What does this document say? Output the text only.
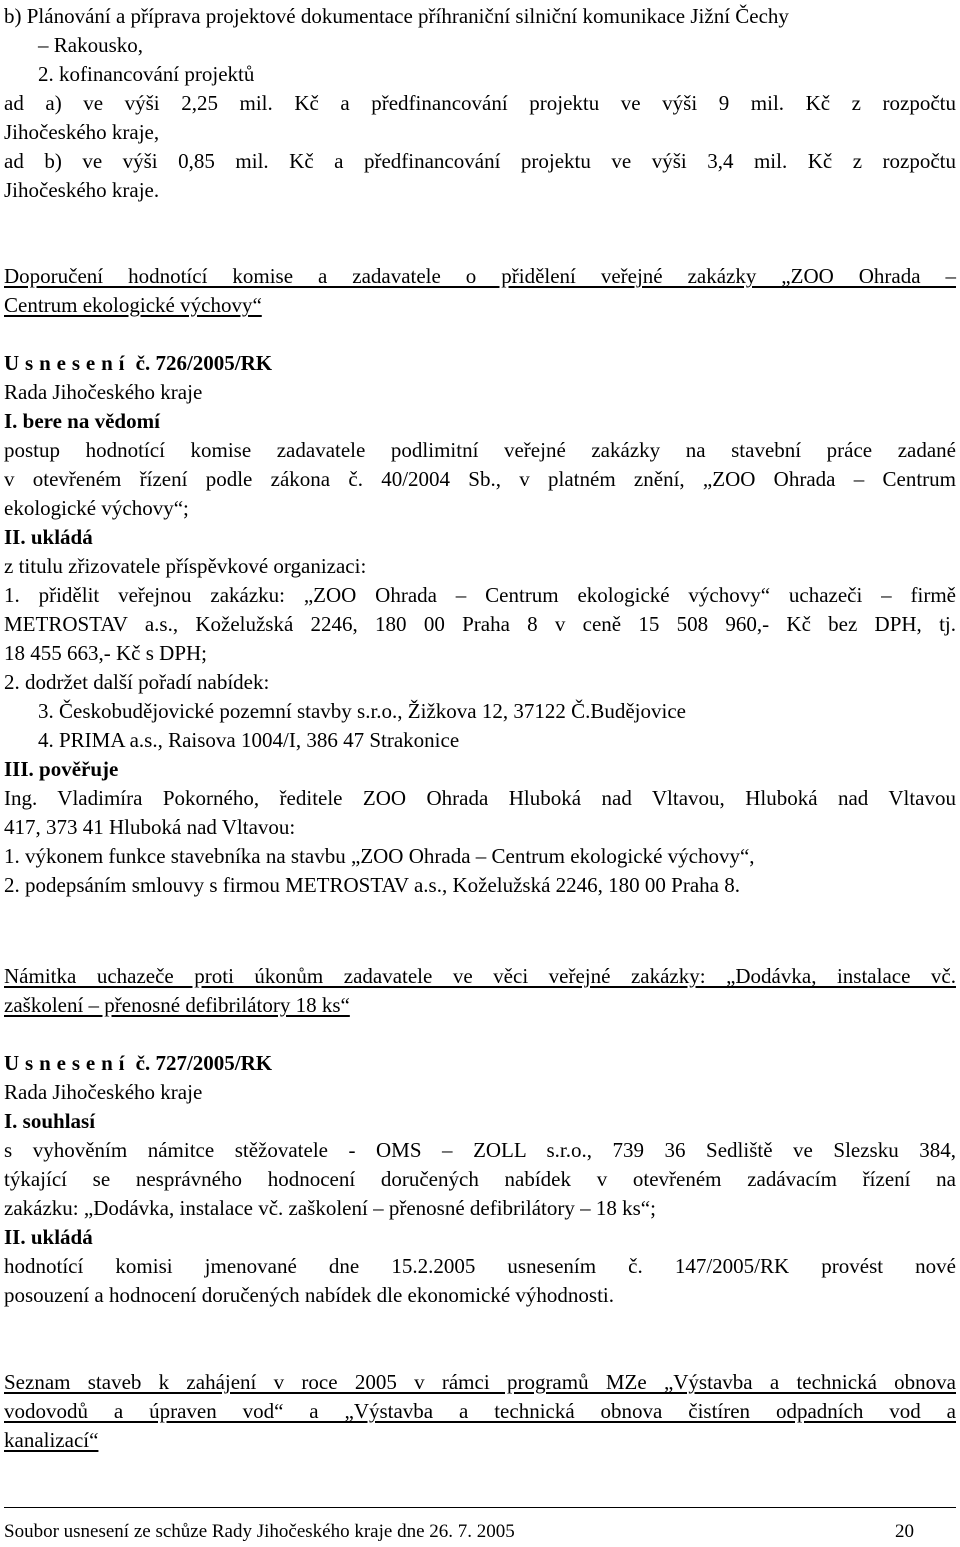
b) Plánování a příprava projektové dokumentace příhraniční silniční komunikace Jižní Čechy
– Rakousko,
2. kofinancování projektů
ad a) ve výši 2,25 mil. Kč a předfinancování projektu ve výši 9 mil. Kč z rozpočtu
Jihočeského kraje,
ad b) ve výši 0,85 mil. Kč a předfinancování projektu ve výši 3,4 mil. Kč z rozpočtu
Jihočeského kraje.
Doporučení hodnotící komise a zadavatele o přidělení veřejné zakázky „ZOO Ohrada –
Centrum ekologické výchovy“
Usnesení č. 726/2005/RK
Rada Jihočeského kraje
I. bere na vědomí
postup hodnotící komise zadavatele podlimitní veřejné zakázky na stavební práce zadané
v otevřeném řízení podle zákona č. 40/2004 Sb., v platném znění, „ZOO Ohrada – Centrum
ekologické výchovy“;
II. ukládá
z titulu zřizovatele příspěvkové organizaci:
1. přidělit veřejnou zakázku: „ZOO Ohrada – Centrum ekologické výchovy“ uchazeči – firmě
METROSTAV a.s., Koželužská 2246, 180 00 Praha 8 v ceně 15 508 960,- Kč bez DPH, tj.
18 455 663,- Kč s DPH;
2. dodržet další pořadí nabídek:
3. Českobudějovické pozemní stavby s.r.o., Žižkova 12, 37122 Č.Budějovice
4. PRIMA a.s., Raisova 1004/I, 386 47 Strakonice
III. pověřuje
Ing. Vladimíra Pokorného, ředitele ZOO Ohrada Hluboká nad Vltavou, Hluboká nad Vltavou
417, 373 41 Hluboká nad Vltavou:
1. výkonem funkce stavebníka na stavbu „ZOO Ohrada – Centrum ekologické výchovy“,
2. podepsáním smlouvy s firmou METROSTAV a.s., Koželužská 2246, 180 00 Praha 8.
Námitka uchazeče proti úkonům zadavatele ve věci veřejné zakázky: „Dodávka, instalace vč.
zaškolení – přenosné defibrilátory 18 ks“
Usnesení č. 727/2005/RK
Rada Jihočeského kraje
I. souhlasí
s vyhověním námitce stěžovatele - OMS – ZOLL s.r.o., 739 36 Sedliště ve Slezsku 384,
týkající se nesprávného hodnocení doručených nabídek v otevřeném zadávacím řízení na
zakázku: „Dodávka, instalace vč. zaškolení – přenosné defibrilátory – 18 ks“;
II. ukládá
hodnotící komisi jmenované dne 15.2.2005 usnesením č. 147/2005/RK provést nové
posouzení a hodnocení doručených nabídek dle ekonomické výhodnosti.
Seznam staveb k zahájení v roce 2005 v rámci programů MZe „Výstavba a technická obnova
vodovodů a úpraven vod“ a „Výstavba a technická obnova čistíren odpadních vod a
kanalizací“
Soubor usnesení ze schůze Rady Jihočeského kraje dne 26. 7. 2005	20
